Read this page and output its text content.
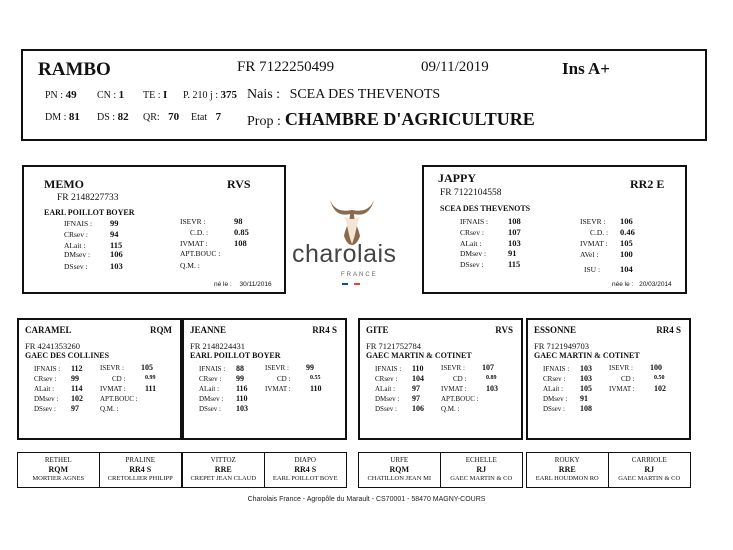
RAMBO	FR 7122250499	09/11/2019	Ins A+
PN : 49 CN : 1 TE : I P. 210 j : 375 Nais : SCEA DES THEVENOTS
DM : 81 DS : 82 QR: 70 Etat 7 Prop : CHAMBRE D'AGRICULTURE
MEMO	RVS
FR 2148227733
EARL POILLOT BOYER
IFNAIS : 99
CRsev :	94
ALait :	115
DMsev : 106
DSsev :	103
ISEVR :	98
C.D. :	0.85
IVMAT :	108
APT.BOUC :
Q.M. :
né le : 30/11/2016
charolais
FRANCE
JAPPY	RR2 E
FR 7122104558
SCEA DES THEVENOTS
IFNAIS : 108
CRsev :	107
ALait :	103
DMsev :	91
DSsev :	115
ISEVR : 106
C.D. : 0.46
IVMAT : 105
AVel :	100
ISU : 104
née le : 20/03/2014
CARAMEL	RQM
FR 4241353260
GAEC DES COLLINES
IFNAIS : 112
CRsev : 99
ALait : 114
DMsev : 102
DSsev : 97
ISEVR : 105
CD :	0.99
IVMAT : 111
APT.BOUC :
Q.M. :
JEANNE	RR4 S
FR 2148224431
EARL POILLOT BOYER
IFNAIS : 88
CRsev : 99
ALait : 116
DMsev : 110
DSsev : 103
ISEVR : 99
CD :	0.55
IVMAT : 110
GITE	RVS
FR 7121752784
GAEC MARTIN & COTINET
IFNAIS : 110
CRsev : 104
ALait : 97
DMsev : 97
DSsev : 106
ISEVR : 107
CD :	0.89
IVMAT : 103
APT.BOUC :
Q.M. :
ESSONNE	RR4 S
FR 7121949703
GAEC MARTIN & COTINET
IFNAIS : 103
CRsev : 103
ALait : 105
DMsev : 91
DSsev : 108
ISEVR : 100
CD :	0.50
IVMAT : 102
RETHEL
RQM
MORTIER AGNES
PRALINE
RR4 S
CRETOLLIER PHILIPP
VITTOZ
RRE
CREPET JEAN CLAUD
DIAPO
RR4 S
EARL POILLOT BOYE
URFE
RQM
CHATILLON JEAN MI
ECHELLE
RJ
GAEC MARTIN & CO
ROUKY
RRE
EARL HOUDMON RO
CARRIOLE
RJ
GAEC MARTIN & CO
Charolais France - Agropôle du Marault - CS70001 - 58470 MAGNY-COURS
